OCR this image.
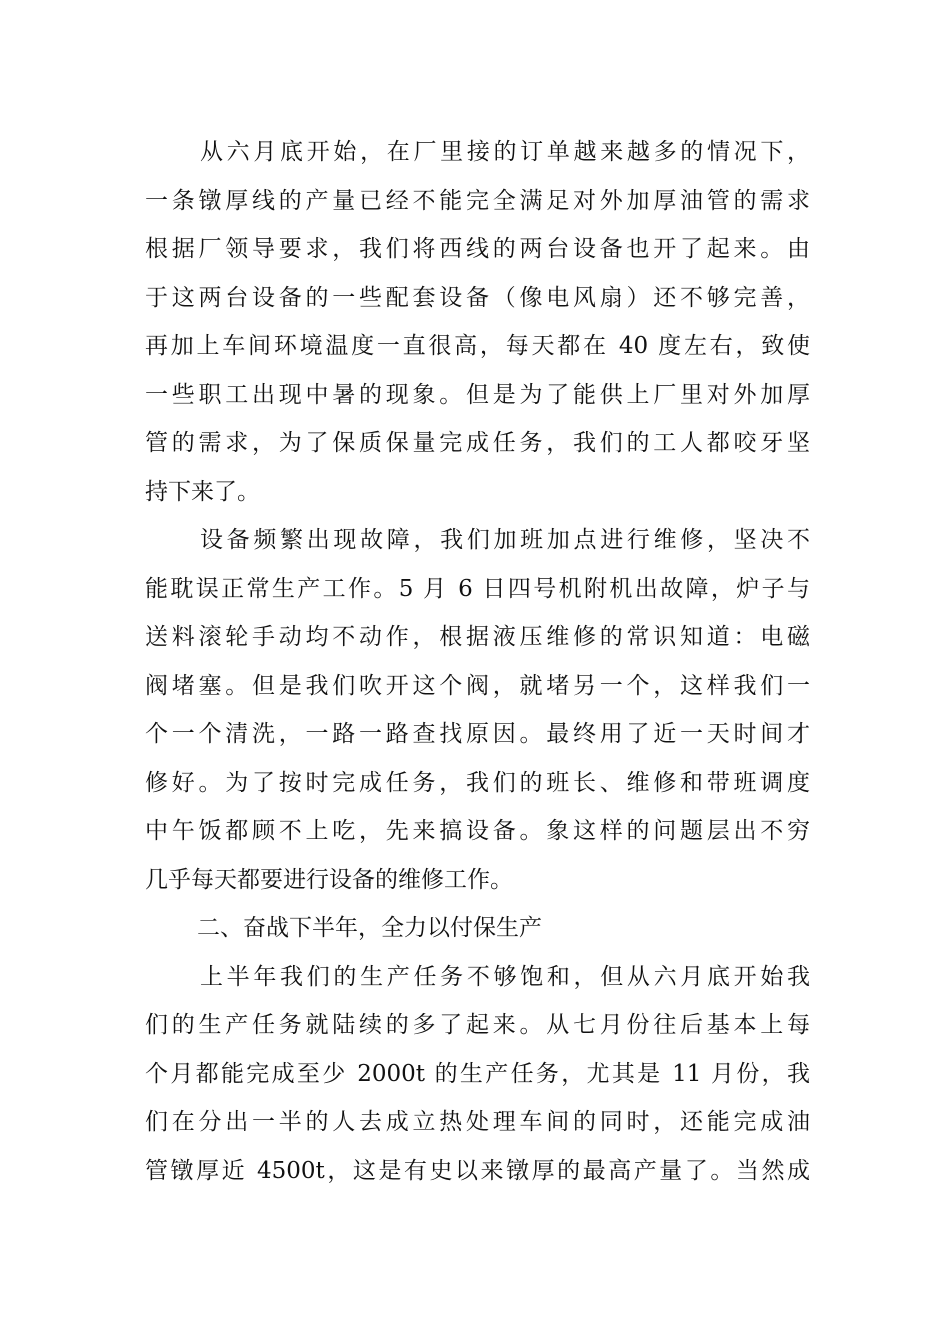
从六月底开始，在厂里接的订单越来越多的情况下，
一条镦厚线的产量已经不能完全满足对外加厚油管的需求
根据厂领导要求，我们将西线的两台设备也开了起来。由
于这两台设备的一些配套设备（像电风扇）还不够完善，
再加上车间环境温度一直很高，每天都在 40 度左右，致使
一些职工出现中暑的现象。但是为了能供上厂里对外加厚
管的需求，为了保质保量完成任务，我们的工人都咬牙坚
持下来了。
设备频繁出现故障，我们加班加点进行维修，坚决不
能耽误正常生产工作。5 月 6 日四号机附机出故障，炉子与
送料滚轮手动均不动作，根据液压维修的常识知道：电磁
阀堵塞。但是我们吹开这个阀，就堵另一个，这样我们一
个一个清洗，一路一路查找原因。最终用了近一天时间才
修好。为了按时完成任务，我们的班长、维修和带班调度
中午饭都顾不上吃，先来搞设备。象这样的问题层出不穷
几乎每天都要进行设备的维修工作。
二、奋战下半年，全力以付保生产
上半年我们的生产任务不够饱和，但从六月底开始我
们的生产任务就陆续的多了起来。从七月份往后基本上每
个月都能完成至少 2000t 的生产任务，尤其是 11 月份，我
们在分出一半的人去成立热处理车间的同时，还能完成油
管镦厚近 4500t，这是有史以来镦厚的最高产量了。当然成
